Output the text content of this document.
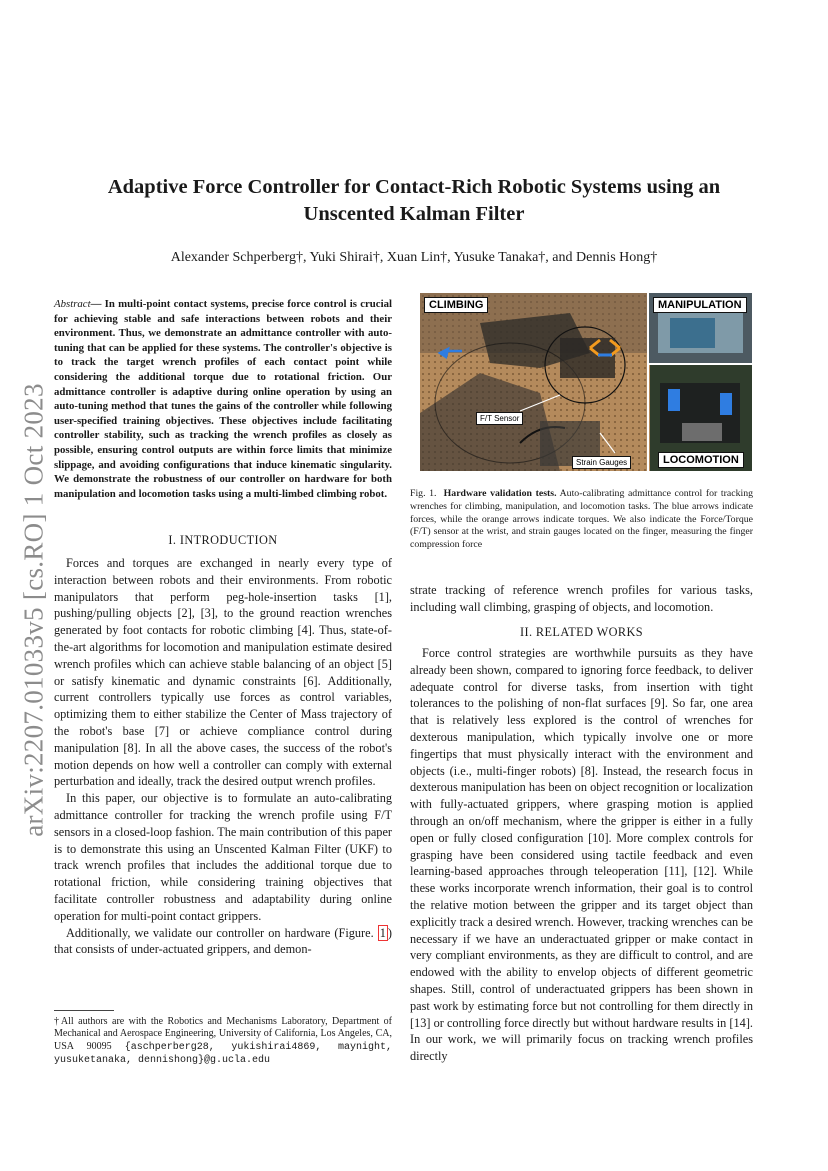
arXiv:2207.01033v5 [cs.RO] 1 Oct 2023
Adaptive Force Controller for Contact-Rich Robotic Systems using an
Unscented Kalman Filter
Alexander Schperberg†, Yuki Shirai†, Xuan Lin†, Yusuke Tanaka†, and Dennis Hong†
Abstract— In multi-point contact systems, precise force control is crucial for achieving stable and safe interactions between robots and their environment. Thus, we demonstrate an admittance controller with auto-tuning that can be applied for these systems. The controller's objective is to track the target wrench profiles of each contact point while considering the additional torque due to rotational friction. Our admittance controller is adaptive during online operation by using an auto-tuning method that tunes the gains of the controller while following user-specified training objectives. These objectives include facilitating controller stability, such as tracking the wrench profiles as closely as possible, ensuring control outputs are within force limits that minimize slippage, and avoiding configurations that induce kinematic singularity. We demonstrate the robustness of our controller on hardware for both manipulation and locomotion tasks using a multi-limbed climbing robot.
I. INTRODUCTION

Forces and torques are exchanged in nearly every type of interaction between robots and their environments. From robotic manipulators that perform peg-hole-insertion tasks [1], pushing/pulling objects [2], [3], to the ground reaction wrenches generated by foot contacts for robotic climbing [4]. Thus, state-of-the-art algorithms for locomotion and manipulation estimate desired wrench profiles which can achieve stable balancing of an object [5] or satisfy kinematic and dynamic constraints [6]. Additionally, current controllers typically use forces as control variables, optimizing them to either stabilize the Center of Mass trajectory of the robot's base [7] or achieve compliance control during manipulation [8]. In all the above cases, the success of the robot's motion depends on how well a controller can comply with external perturbation and ideally, track the desired output wrench profiles.

In this paper, our objective is to formulate an auto-calibrating admittance controller for tracking the wrench profile using F/T sensors in a closed-loop fashion. The main contribution of this paper is to demonstrate this using an Unscented Kalman Filter (UKF) to track wrench profiles that includes the additional torque due to rotational friction, while considering training objectives that facilitate controller robustness and adaptability during online operation for multi-point contact grippers.

Additionally, we validate our controller on hardware (Figure. 1 ) that consists of under-actuated grippers, and demon-

†All authors are with the Robotics and Mechanisms Laboratory, Department of Mechanical and Aerospace Engineering, University of California, Los Angeles, CA, USA 90095 {aschperberg28, yukishirai4869, maynight, yusuketanaka, dennishong}@g.ucla.edu
CLIMBING	MANIPULATION
LOCOMOTION
F/T Sensor
Strain Gauges
Fig. 1. Hardware validation tests. Auto-calibrating admittance control for tracking wrenches for climbing, manipulation, and locomotion tasks. The blue arrows indicate forces, while the orange arrows indicate torques. We also indicate the Force/Torque (F/T) sensor at the wrist, and strain gauges located on the finger, measuring the finger compression force
strate tracking of reference wrench profiles for various tasks, including wall climbing, grasping of objects, and locomotion.
II. RELATED WORKS

Force control strategies are worthwhile pursuits as they have already been shown, compared to ignoring force feedback, to deliver adequate control for diverse tasks, from insertion with tight tolerances to the polishing of non-flat surfaces [9]. So far, one area that is relatively less explored is the control of wrenches for dexterous manipulation, which typically involve one or more fingertips that must physically interact with the environment and objects (i.e., multi-finger robots) [8]. Instead, the research focus in dexterous manipulation has been on object recognition or localization with fully-actuated grippers, where grasping motion is applied through an on/off mechanism, where the gripper is either in a fully open or fully closed configuration [10]. More complex controls for grasping have been considered using tactile feedback and even learning-based approaches through teleoperation [11], [12]. While these works incorporate wrench information, their goal is to control the relative motion between the gripper and its target object than explicitly track a desired wrench. However, tracking wrenches can be necessary if we have an underactuated gripper or make contact in very compliant environments, as they are difficult to control, and are endowed with the ability to envelop objects of different geometric shapes. Still, control of underactuated grippers has been shown in past work by estimating force but not controlling for them directly in [13] or controlling force directly but without hardware results in [14]. In our work, we will primarily focus on tracking wrench profiles directly
